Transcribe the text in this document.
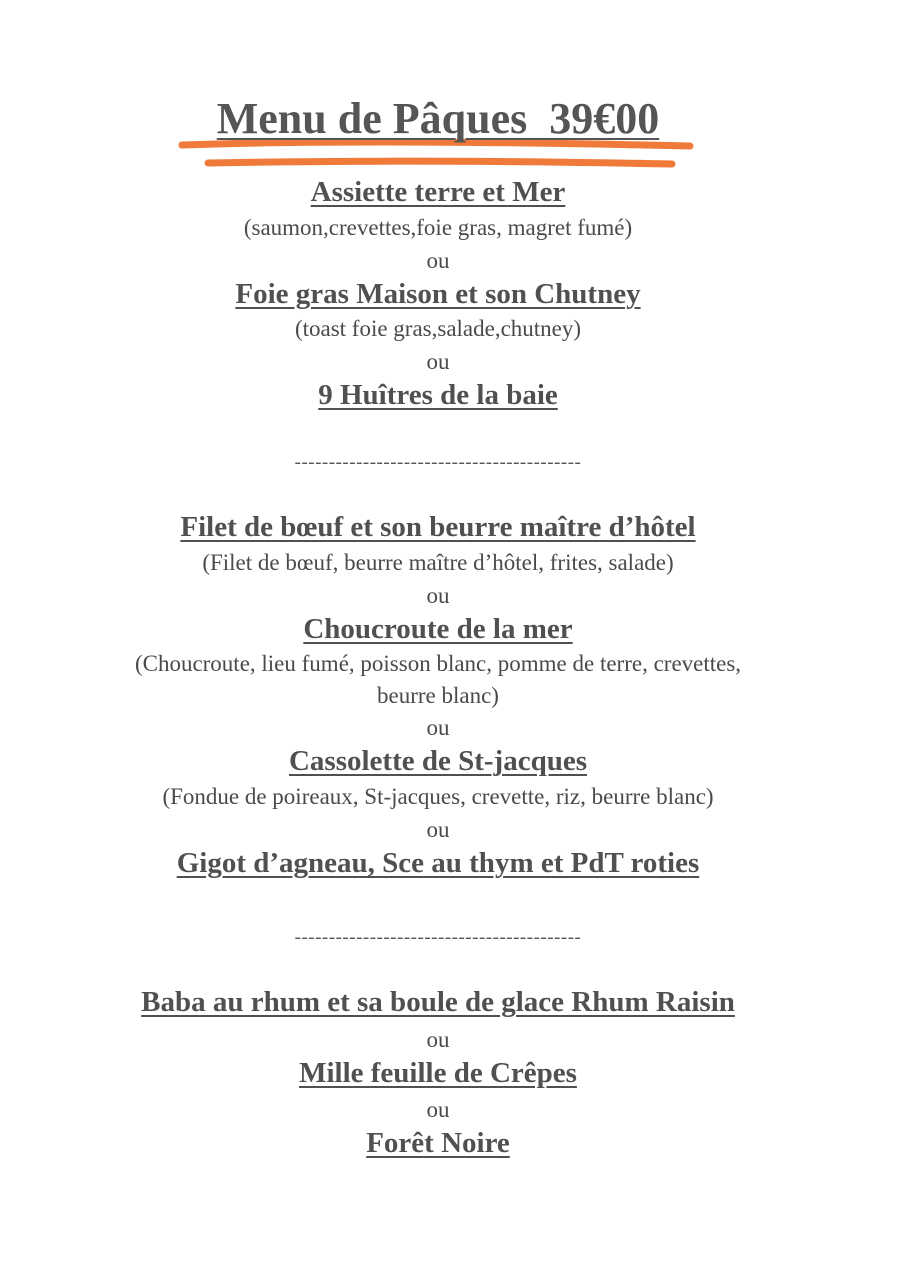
Menu de Pâques  39€00
Assiette terre et Mer
(saumon,crevettes,foie gras, magret fumé)
ou
Foie gras Maison et son Chutney
(toast foie gras,salade,chutney)
ou
9 Huîtres de la baie
------------------------------------------
Filet de bœuf et son beurre maître d’hôtel
(Filet de bœuf, beurre maître d’hôtel, frites, salade)
ou
Choucroute de la mer
(Choucroute, lieu fumé, poisson blanc, pomme de terre, crevettes,
beurre blanc)
ou
Cassolette de St-jacques
(Fondue de poireaux, St-jacques, crevette, riz, beurre blanc)
ou
Gigot d’agneau, Sce au thym et PdT roties
------------------------------------------
Baba au rhum et sa boule de glace Rhum Raisin
ou
Mille feuille de Crêpes
ou
Forêt Noire
